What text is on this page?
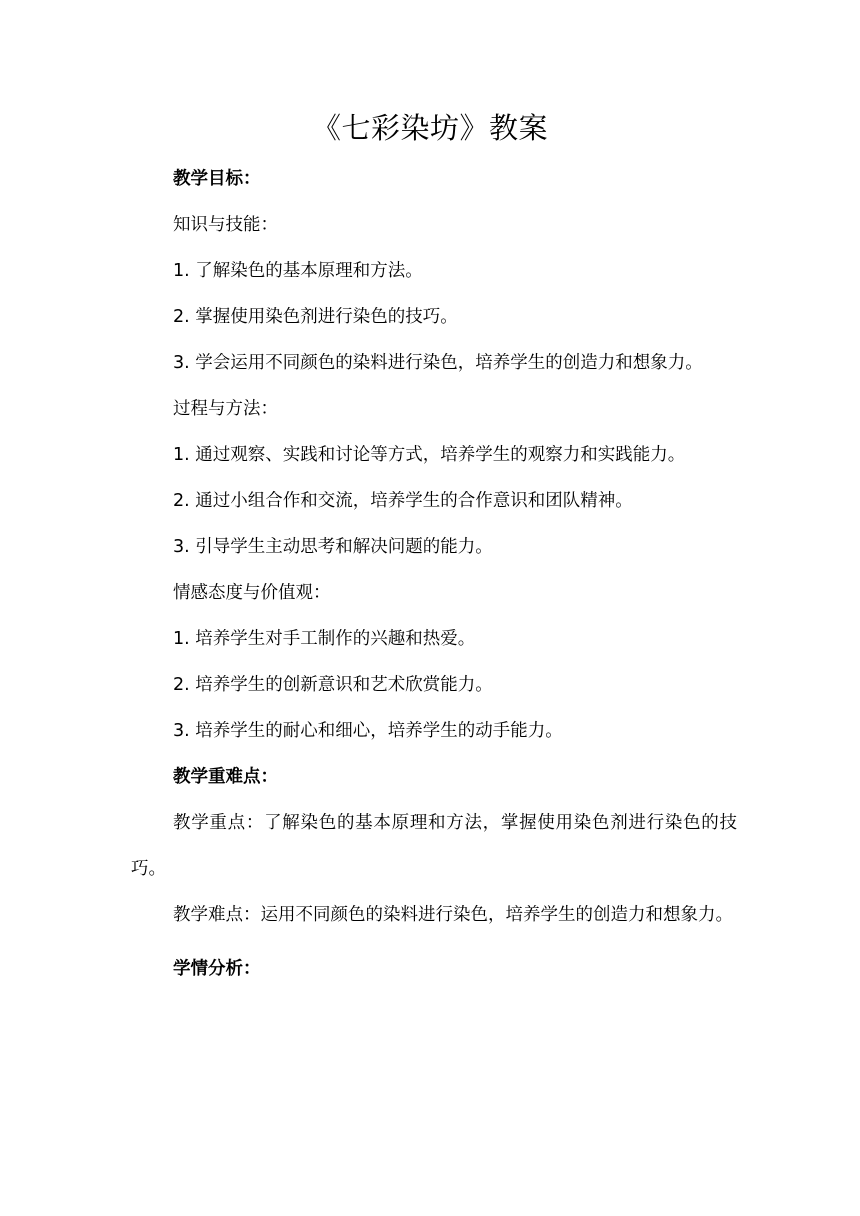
《七彩染坊》教案

教学目标：

知识与技能：

1. 了解染色的基本原理和方法。

2. 掌握使用染色剂进行染色的技巧。

3. 学会运用不同颜色的染料进行染色，培养学生的创造力和想象力。

过程与方法：

1. 通过观察、实践和讨论等方式，培养学生的观察力和实践能力。

2. 通过小组合作和交流，培养学生的合作意识和团队精神。

3. 引导学生主动思考和解决问题的能力。

情感态度与价值观：

1. 培养学生对手工制作的兴趣和热爱。

2. 培养学生的创新意识和艺术欣赏能力。

3. 培养学生的耐心和细心，培养学生的动手能力。

教学重难点：

教学重点：了解染色的基本原理和方法，掌握使用染色剂进行染色的技巧。

教学难点：运用不同颜色的染料进行染色，培养学生的创造力和想象力。

学情分析：
